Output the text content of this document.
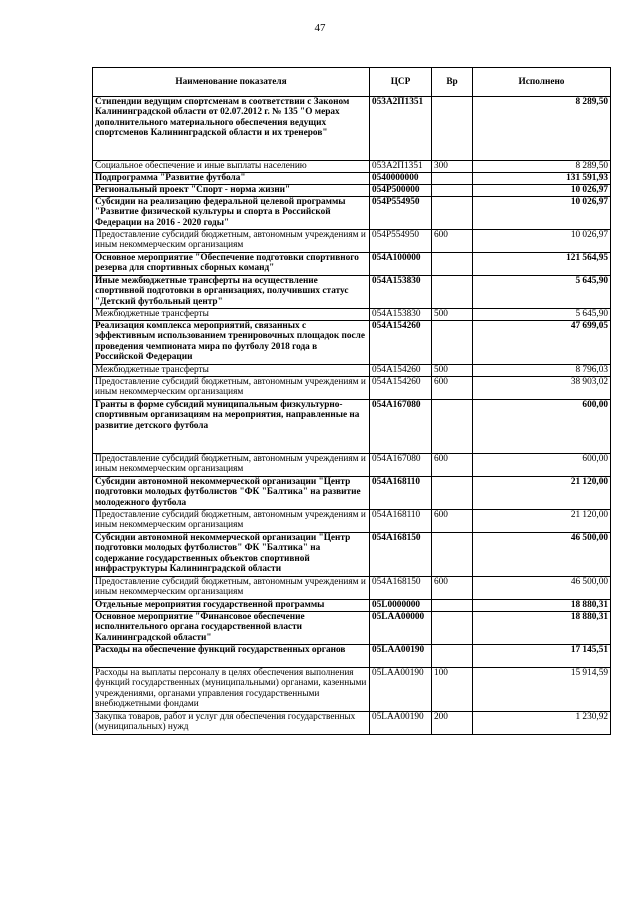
47
Наименование показателя	ЦСР	Вр	Исполнено
Стипендии ведущим спортсменам в соответствии с Законом Калининградской области от 02.07.2012 г. № 135 "О мерах дополнительного материального обеспечения ведущих спортсменов Калининградской области и их тренеров"	053А2П1351		8 289,50
Социальное обеспечение и иные выплаты населению	053А2П1351	300	8 289,50
Подпрограмма "Развитие футбола"	0540000000		131 591,93
Региональный проект "Спорт - норма жизни"	054Р500000		10 026,97
Субсидии на реализацию федеральной целевой программы "Развитие физической культуры и спорта в Российской Федерации на 2016 - 2020 годы"	054Р554950		10 026,97
Предоставление субсидий бюджетным, автономным учреждениям и иным некоммерческим организациям	054Р554950	600	10 026,97
Основное мероприятие "Обеспечение подготовки спортивного резерва для спортивных сборных команд"	054А100000		121 564,95
Иные межбюджетные трансферты на осуществление спортивной подготовки в организациях, получивших статус "Детский футбольный центр"	054А153830		5 645,90
Межбюджетные трансферты	054А153830	500	5 645,90
Реализация комплекса мероприятий, связанных с эффективным использованием тренировочных площадок после проведения чемпионата мира по футболу 2018 года в Российской Федерации	054А154260		47 699,05
Межбюджетные трансферты	054А154260	500	8 796,03
Предоставление субсидий бюджетным, автономным учреждениям и иным некоммерческим организациям	054А154260	600	38 903,02
Гранты в форме субсидий муниципальным физкультурно-спортивным организациям на мероприятия, направленные на развитие детского футбола	054А167080		600,00
Предоставление субсидий бюджетным, автономным учреждениям и иным некоммерческим организациям	054А167080	600	600,00
Субсидии автономной некоммерческой организации "Центр подготовки молодых футболистов "ФК "Балтика" на развитие молодежного футбола	054А168110		21 120,00
Предоставление субсидий бюджетным, автономным учреждениям и иным некоммерческим организациям	054А168110	600	21 120,00
Субсидии автономной некоммерческой организации "Центр подготовки молодых футболистов" ФК "Балтика" на содержание государственных объектов спортивной инфраструктуры Калининградской области	054А168150		46 500,00
Предоставление субсидий бюджетным, автономным учреждениям и иным некоммерческим организациям	054А168150	600	46 500,00
Отдельные мероприятия государственной программы	05L0000000		18 880,31
Основное мероприятие "Финансовое обеспечение исполнительного органа государственной власти Калининградской области"	05LAA00000		18 880,31
Расходы на обеспечение функций государственных органов	05LAA00190		17 145,51
Расходы на выплаты персоналу в целях обеспечения выполнения функций государственных (муниципальными) органами, казенными учреждениями, органами управления государственными внебюджетными фондами	05LAA00190	100	15 914,59
Закупка товаров, работ и услуг для обеспечения государственных (муниципальных) нужд	05LAA00190	200	1 230,92
